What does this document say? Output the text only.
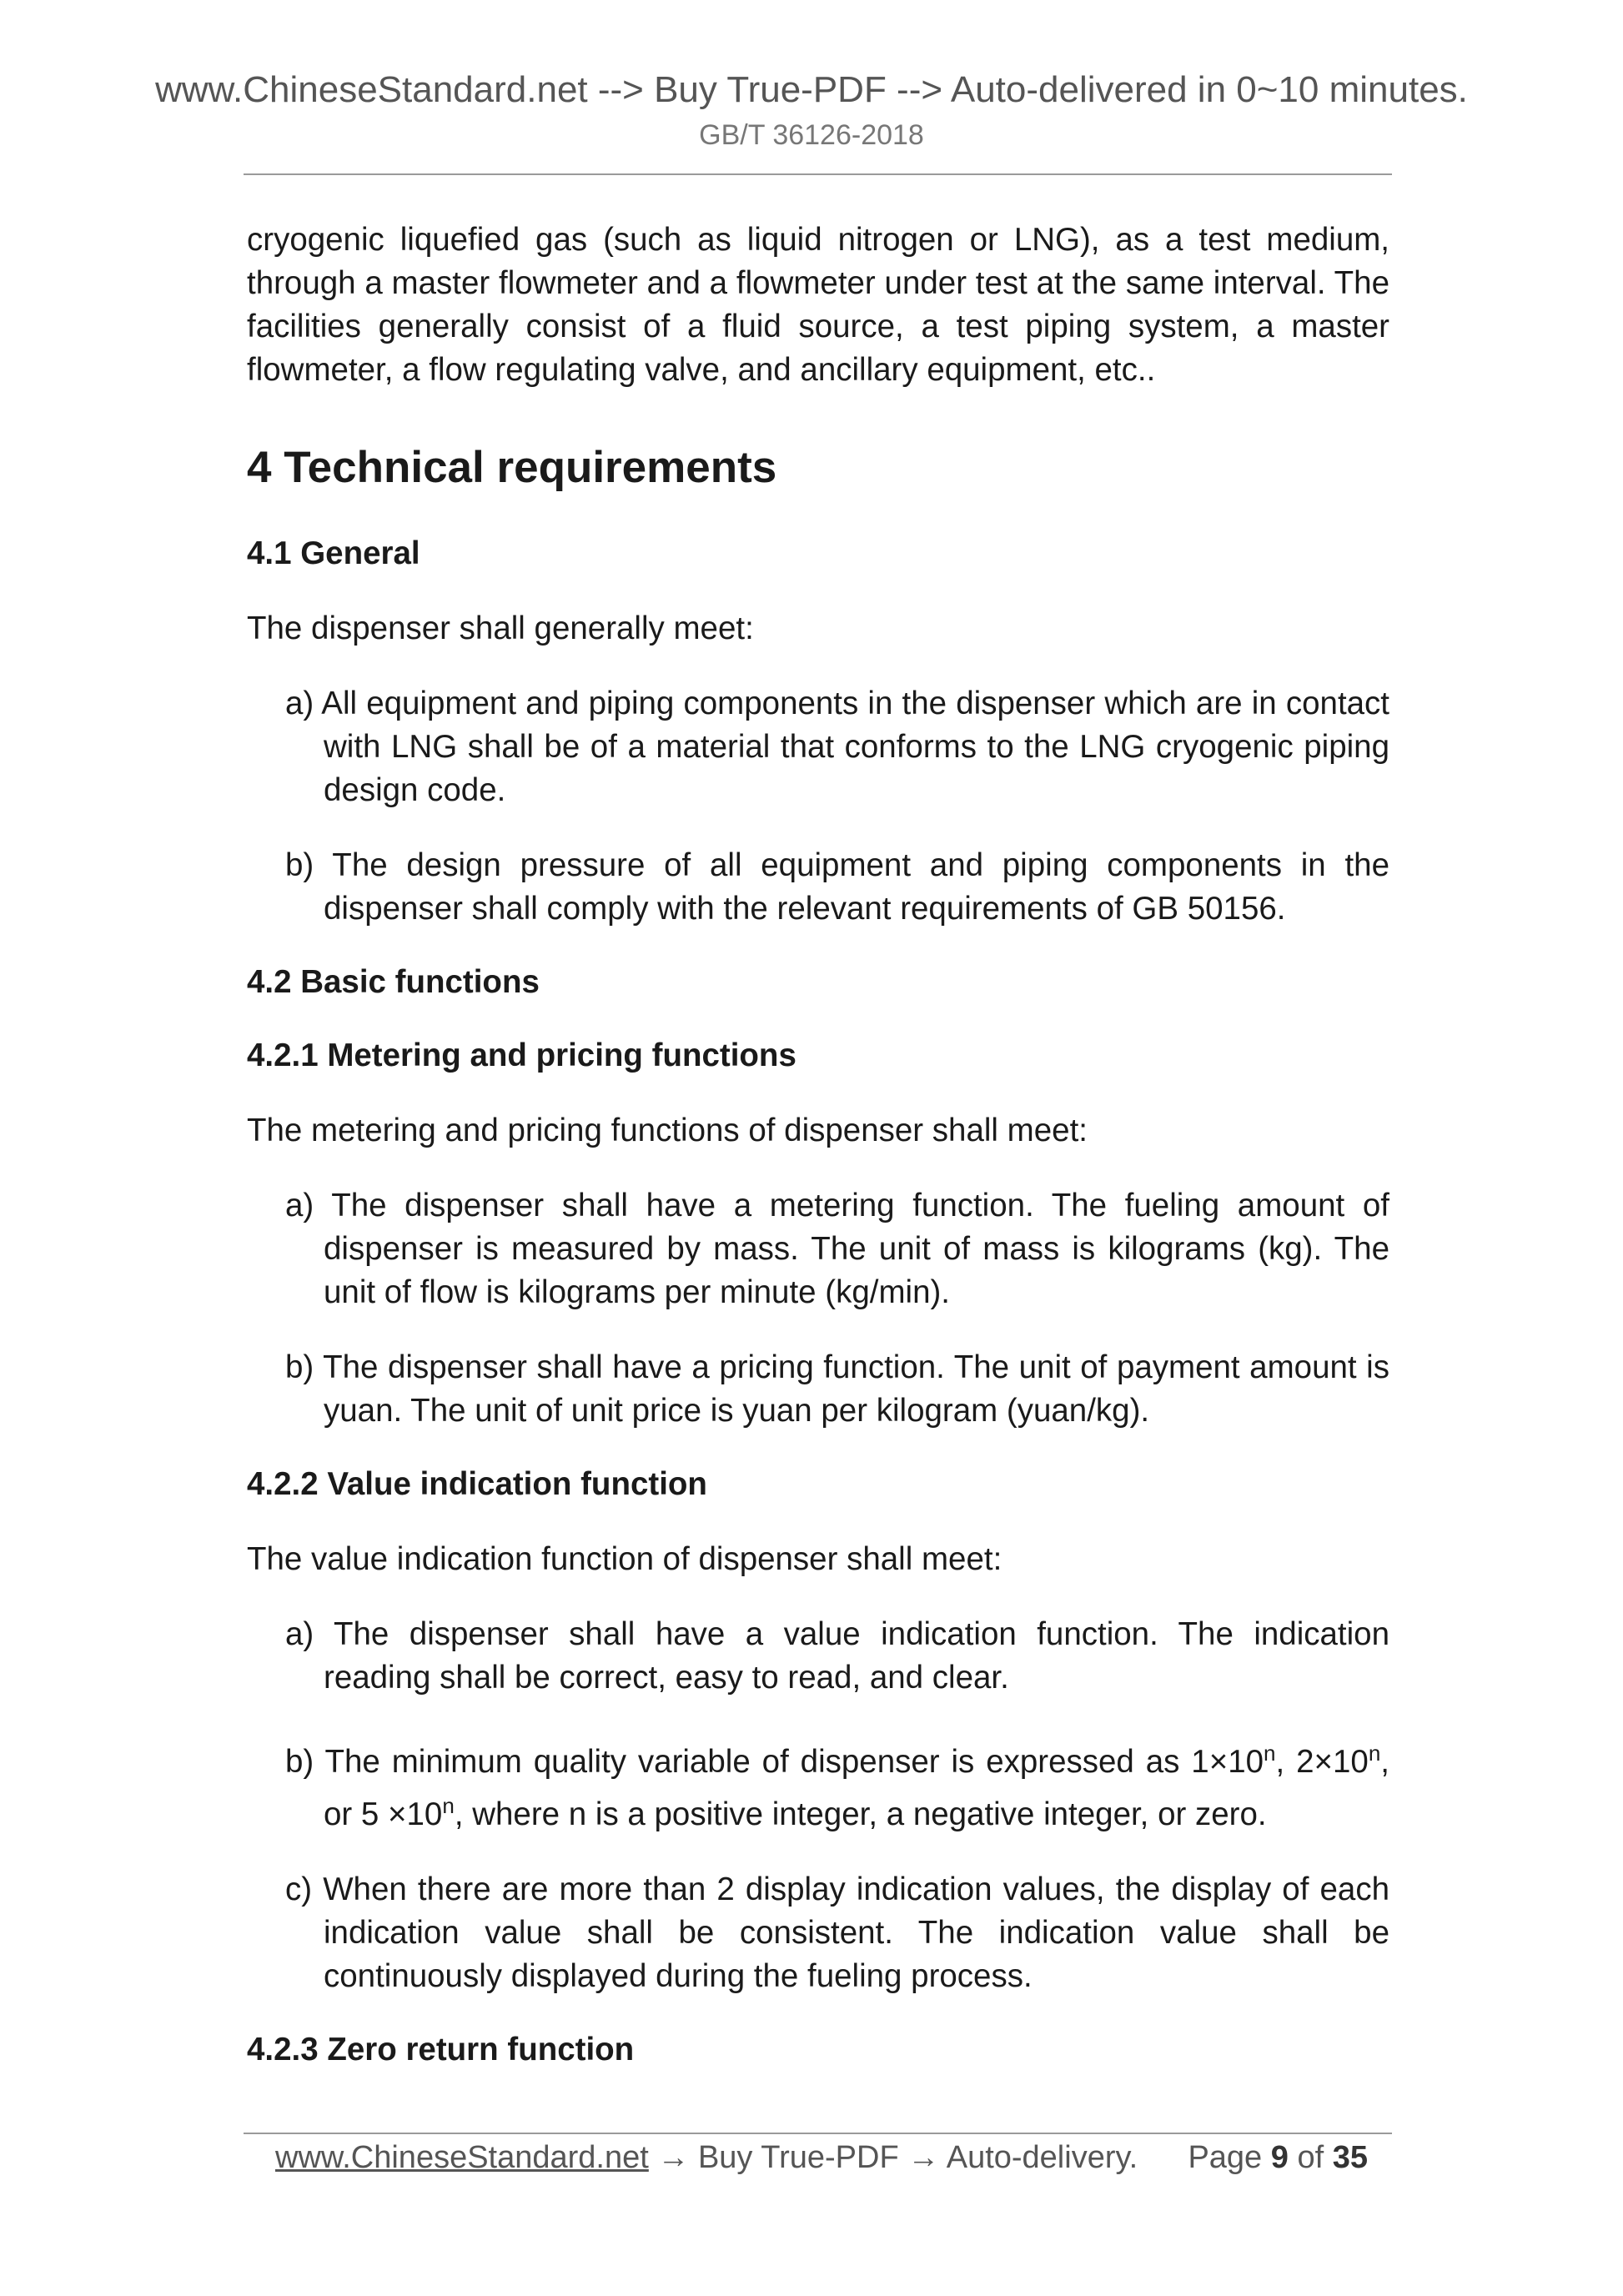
www.ChineseStandard.net --> Buy True-PDF --> Auto-delivered in 0~10 minutes.
GB/T 36126-2018

cryogenic liquefied gas (such as liquid nitrogen or LNG), as a test medium, through a master flowmeter and a flowmeter under test at the same interval. The facilities generally consist of a fluid source, a test piping system, a master flowmeter, a flow regulating valve, and ancillary equipment, etc..

4 Technical requirements
4.1 General

The dispenser shall generally meet:

a) All equipment and piping components in the dispenser which are in contact with LNG shall be of a material that conforms to the LNG cryogenic piping design code.

b) The design pressure of all equipment and piping components in the dispenser shall comply with the relevant requirements of GB 50156.

4.2 Basic functions
4.2.1 Metering and pricing functions

The metering and pricing functions of dispenser shall meet:

a) The dispenser shall have a metering function. The fueling amount of dispenser is measured by mass. The unit of mass is kilograms (kg). The unit of flow is kilograms per minute (kg/min).

b) The dispenser shall have a pricing function. The unit of payment amount is yuan. The unit of unit price is yuan per kilogram (yuan/kg).

4.2.2 Value indication function

The value indication function of dispenser shall meet:

a) The dispenser shall have a value indication function. The indication reading shall be correct, easy to read, and clear.

b) The minimum quality variable of dispenser is expressed as $1\times 10^n$, $2\times 10^n$, or $5 \times 10^n$, where n is a positive integer, a negative integer, or zero.

c) When there are more than 2 display indication values, the display of each indication value shall be consistent. The indication value shall be continuously displayed during the fueling process.

4.2.3 Zero return function
www.ChineseStandard.net → Buy True-PDF → Auto-delivery. Page 9 of 35
